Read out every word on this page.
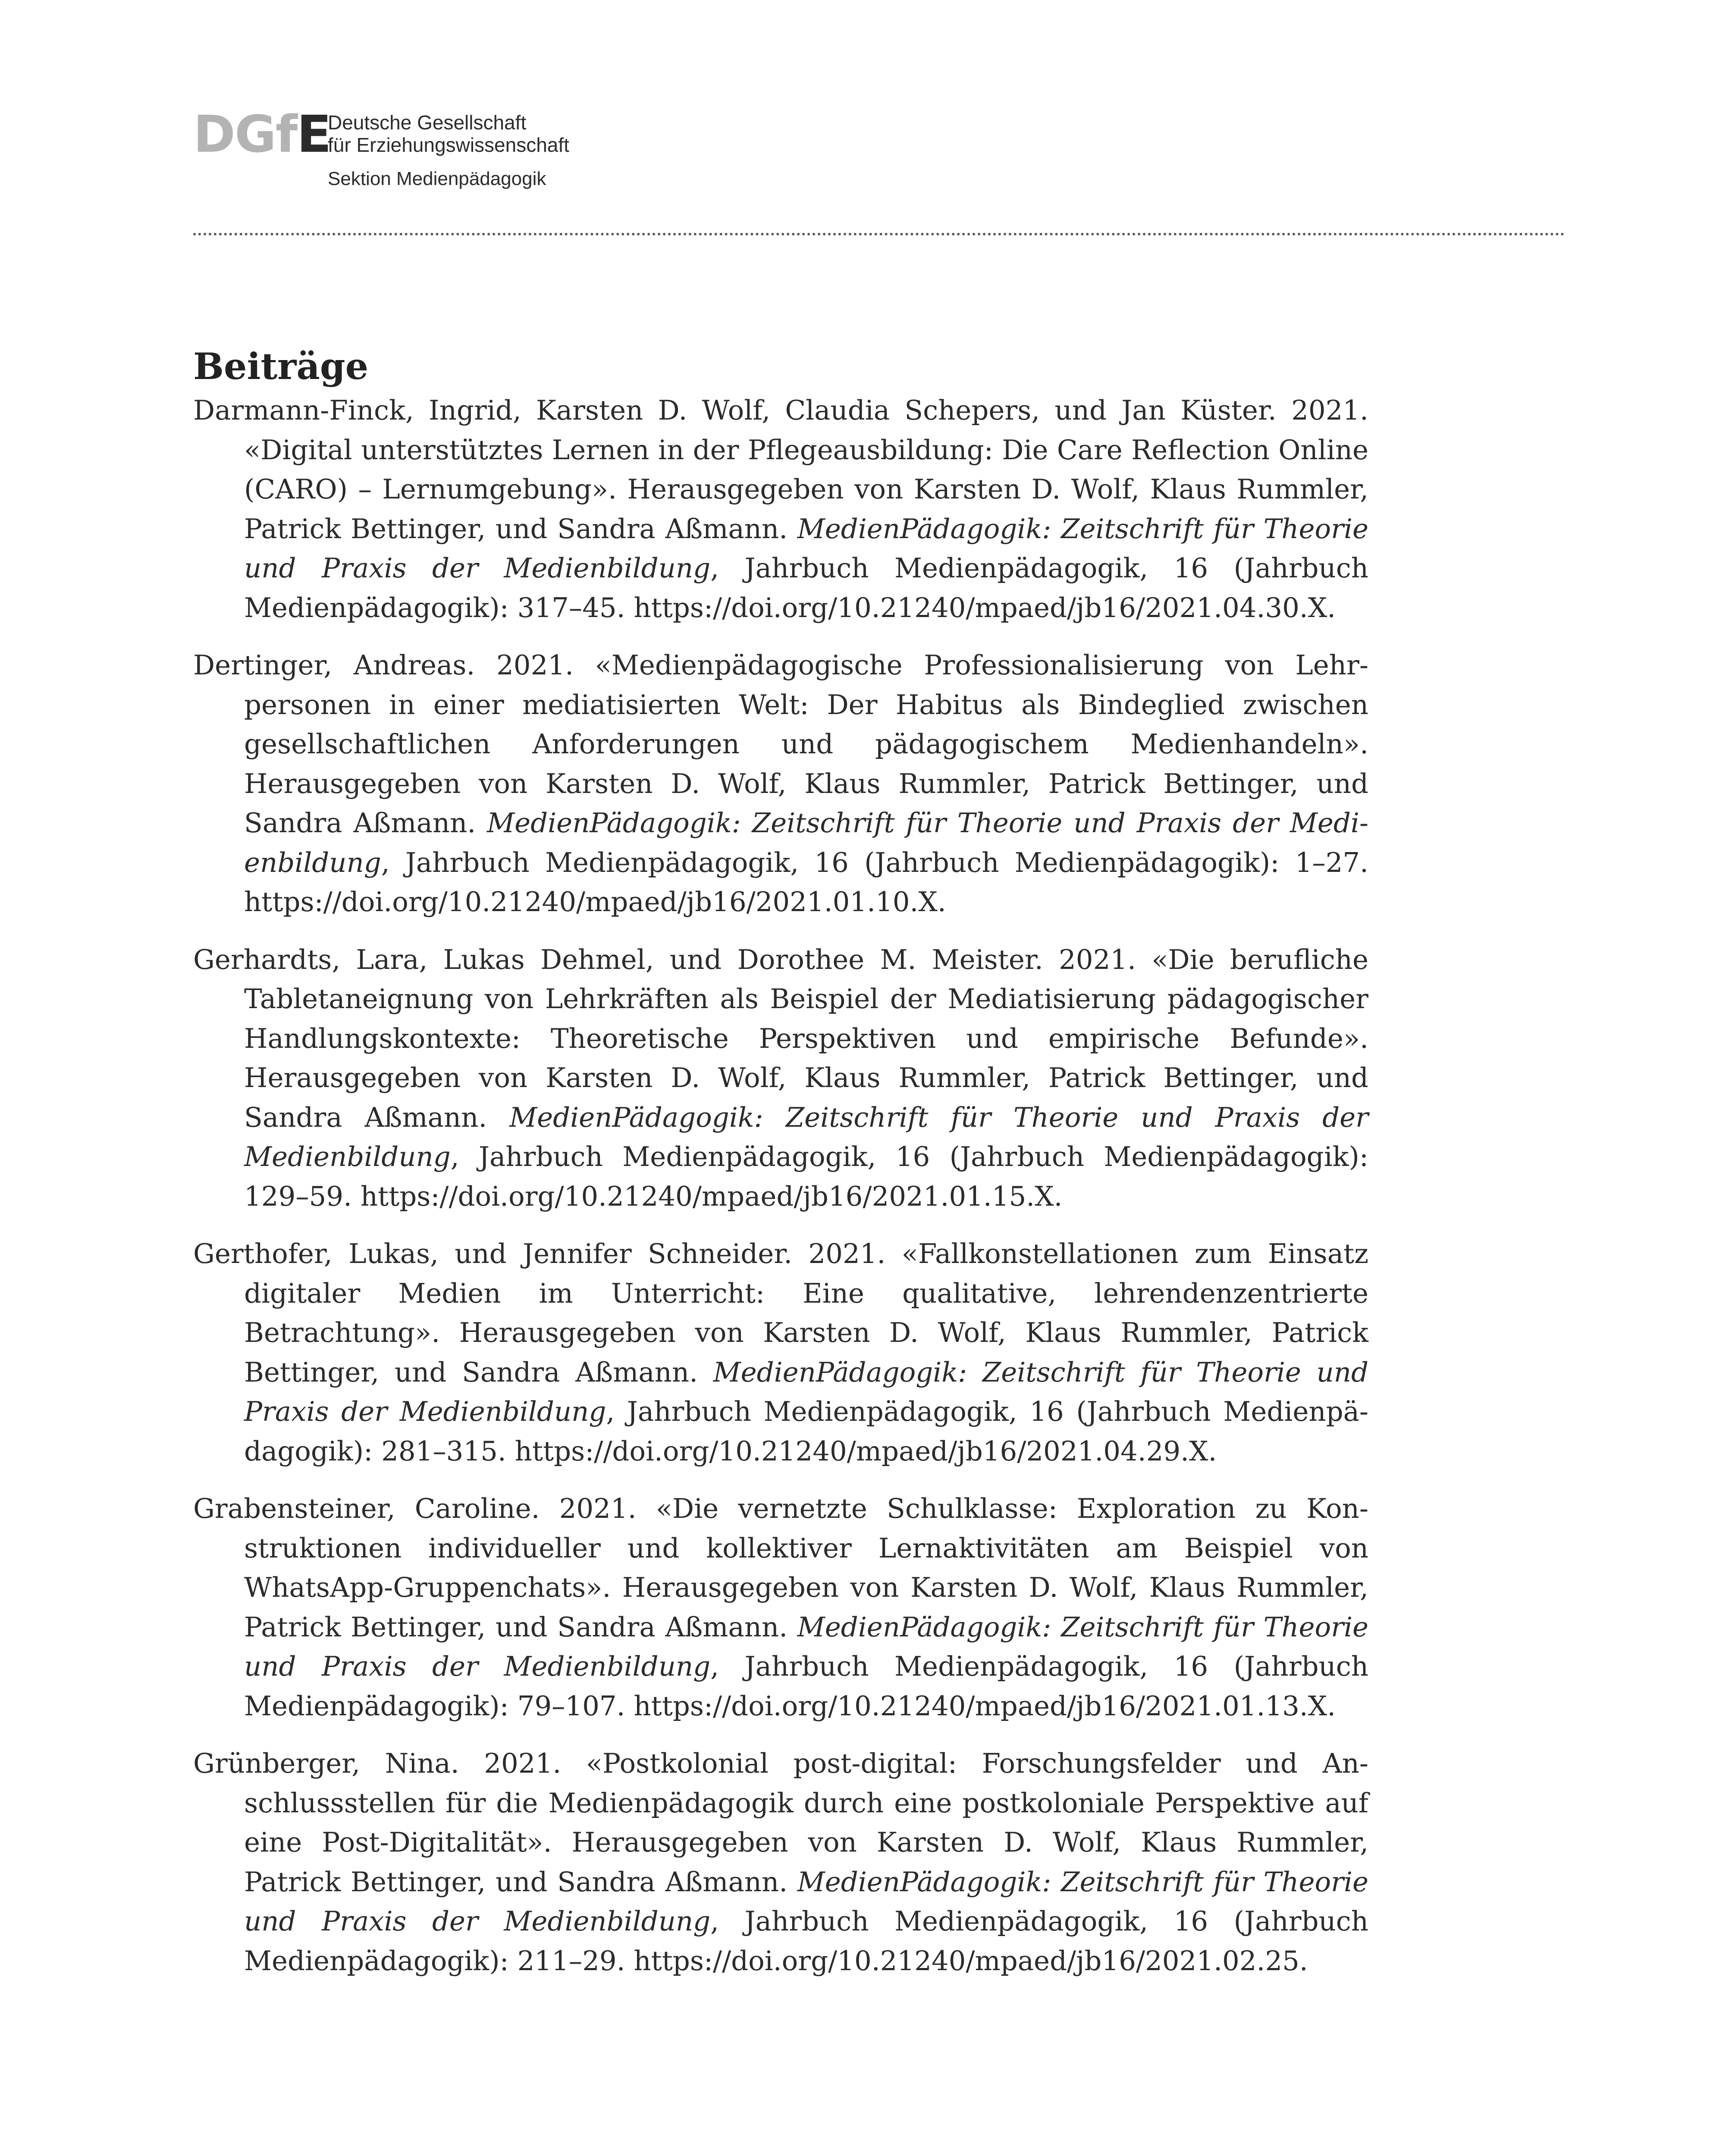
DGfE
Deutsche Gesellschaft
für Erziehungswissenschaft
Sektion Medienpädagogik
Beiträge
Darmann-Finck, Ingrid, Karsten D. Wolf, Claudia Schepers, und Jan Küster. 2021. «Digital unterstütztes Lernen in der Pflegeausbildung: Die Care Reflection Online (CARO) – Lernumgebung». Herausgegeben von Karsten D. Wolf, Klaus Rummler, Patrick Bettinger, und Sandra Aßmann. MedienPädagogik: Zeitschrift für Theorie und Praxis der Medienbildung, Jahrbuch Medienpädagogik, 16 (Jahrbuch Medienpädagogik): 317–45. https://doi.org/10.21240/mpaed/​jb16/2021.04.30.X.
Dertinger, Andreas. 2021. «Medienpädagogische Professionalisierung von Lehrpersonen in einer mediatisierten Welt: Der Habitus als Bindeglied zwischen gesellschaftlichen Anforderungen und pädagogischem Medienhandeln». Herausgegeben von Karsten D. Wolf, Klaus Rummler, Patrick Bettinger, und Sandra Aßmann. MedienPädagogik: Zeitschrift für Theorie und Praxis der Medienbildung, Jahrbuch Medienpädagogik, 16 (Jahrbuch Medienpädagogik): 1–27. https://doi.org/10.21240/mpaed/jb16/2021.01.10.X.
Gerhardts, Lara, Lukas Dehmel, und Dorothee M. Meister. 2021. «Die berufliche Tabletaneignung von Lehrkräften als Beispiel der Mediatisierung pädagogischer Handlungskontexte: Theoretische Perspektiven und empirische Befunde». Herausgegeben von Karsten D. Wolf, Klaus Rummler, Patrick Bettinger, und Sandra Aßmann. MedienPädagogik: Zeitschrift für Theorie und Praxis der Medienbildung, Jahrbuch Medienpädagogik, 16 (Jahrbuch Medienpädagogik): 129–59. https://doi.org/10.21240/mpaed/jb16/2021.01.15.X.
Gerthofer, Lukas, und Jennifer Schneider. 2021. «Fallkonstellationen zum Einsatz digitaler Medien im Unterricht: Eine qualitative, lehrendenzentrierte Betrachtung». Herausgegeben von Karsten D. Wolf, Klaus Rummler, Patrick Bettinger, und Sandra Aßmann. MedienPädagogik: Zeitschrift für Theorie und Praxis der Medienbildung, Jahrbuch Medienpädagogik, 16 (Jahrbuch Medienpädagogik): 281–315. https://doi.org/10.21240/mpaed/jb16/2021.04.29.X.
Grabensteiner, Caroline. 2021. «Die vernetzte Schulklasse: Exploration zu Konstruktionen individueller und kollektiver Lernaktivitäten am Beispiel von WhatsApp-Gruppenchats». Herausgegeben von Karsten D. Wolf, Klaus Rummler, Patrick Bettinger, und Sandra Aßmann. MedienPädagogik: Zeitschrift für Theorie und Praxis der Medienbildung, Jahrbuch Medienpädagogik, 16 (Jahrbuch Medienpädagogik): 79–107. https://doi.org/10.21240/mpaed/​jb16/2021.01.13.X.
Grünberger, Nina. 2021. «Postkolonial post-digital: Forschungsfelder und Anschlussstellen für die Medienpädagogik durch eine postkoloniale Perspektive auf eine Post-Digitalität». Herausgegeben von Karsten D. Wolf, Klaus Rummler, Patrick Bettinger, und Sandra Aßmann. MedienPädagogik: Zeitschrift für Theorie und Praxis der Medienbildung, Jahrbuch Medienpädagogik, 16 (Jahrbuch Medienpädagogik): 211–29. https://doi.org/10.21240/mpaed/jb16/2021.02.25.
